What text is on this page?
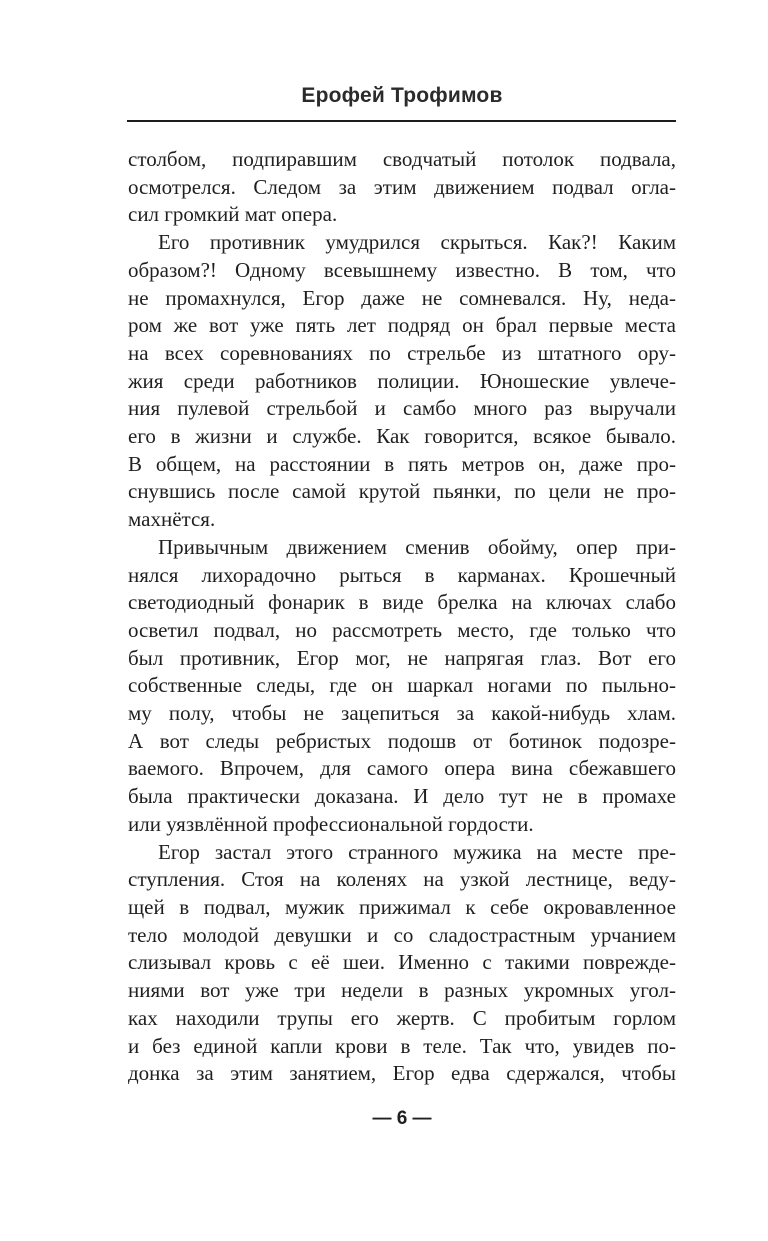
Ерофей Трофимов
столбом, подпиравшим сводчатый потолок подвала,
осмотрелся. Следом за этим движением подвал огла-
сил громкий мат опера.
Его противник умудрился скрыться. Как?! Каким
образом?! Одному всевышнему известно. В том, что
не промахнулся, Егор даже не сомневался. Ну, неда-
ром же вот уже пять лет подряд он брал первые места
на всех соревнованиях по стрельбе из штатного ору-
жия среди работников полиции. Юношеские увлече-
ния пулевой стрельбой и самбо много раз выручали
его в жизни и службе. Как говорится, всякое бывало.
В общем, на расстоянии в пять метров он, даже про-
снувшись после самой крутой пьянки, по цели не про-
махнётся.
Привычным движением сменив обойму, опер при-
нялся лихорадочно рыться в карманах. Крошечный
светодиодный фонарик в виде брелка на ключах слабо
осветил подвал, но рассмотреть место, где только что
был противник, Егор мог, не напрягая глаз. Вот его
собственные следы, где он шаркал ногами по пыльно-
му полу, чтобы не зацепиться за какой-нибудь хлам.
А вот следы ребристых подошв от ботинок подозре-
ваемого. Впрочем, для самого опера вина сбежавшего
была практически доказана. И дело тут не в промахе
или уязвлённой профессиональной гордости.
Егор застал этого странного мужика на месте пре-
ступления. Стоя на коленях на узкой лестнице, веду-
щей в подвал, мужик прижимал к себе окровавленное
тело молодой девушки и со сладострастным урчанием
слизывал кровь с её шеи. Именно с такими поврежде-
ниями вот уже три недели в разных укромных угол-
ках находили трупы его жертв. С пробитым горлом
и без единой капли крови в теле. Так что, увидев по-
донка за этим занятием, Егор едва сдержался, чтобы
— 6 —
